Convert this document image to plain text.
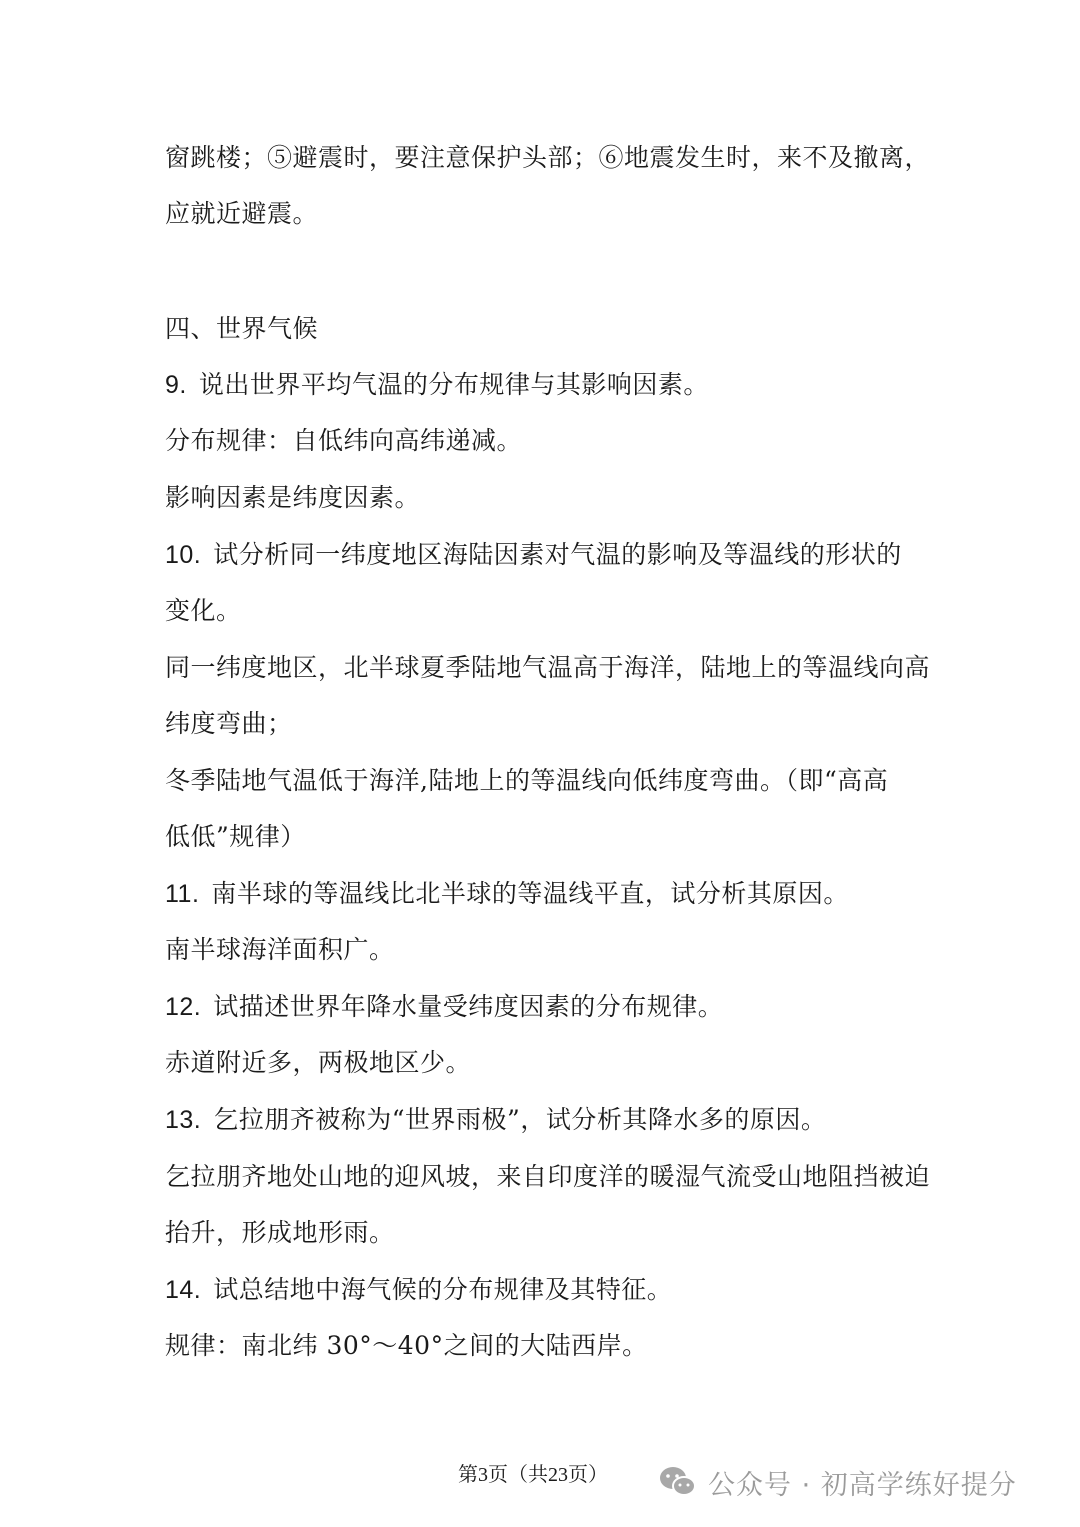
窗跳楼；⑤避震时，要注意保护头部；⑥地震发生时，来不及撤离，
应就近避震。
四、世界气候
9. 说出世界平均气温的分布规律与其影响因素。
分布规律：自低纬向高纬递减。
影响因素是纬度因素。
10. 试分析同一纬度地区海陆因素对气温的影响及等温线的形状的
变化。
同一纬度地区，北半球夏季陆地气温高于海洋，陆地上的等温线向高
纬度弯曲；
冬季陆地气温低于海洋,陆地上的等温线向低纬度弯曲。（即“高高
低低”规律）
11. 南半球的等温线比北半球的等温线平直，试分析其原因。
南半球海洋面积广。
12. 试描述世界年降水量受纬度因素的分布规律。
赤道附近多，两极地区少。
13. 乞拉朋齐被称为“世界雨极”，试分析其降水多的原因。
乞拉朋齐地处山地的迎风坡，来自印度洋的暖湿气流受山地阻挡被迫
抬升，形成地形雨。
14. 试总结地中海气候的分布规律及其特征。
规律：南北纬 30°～40°之间的大陆西岸。
第3页（共23页）	公众号 · 初高学练好提分
